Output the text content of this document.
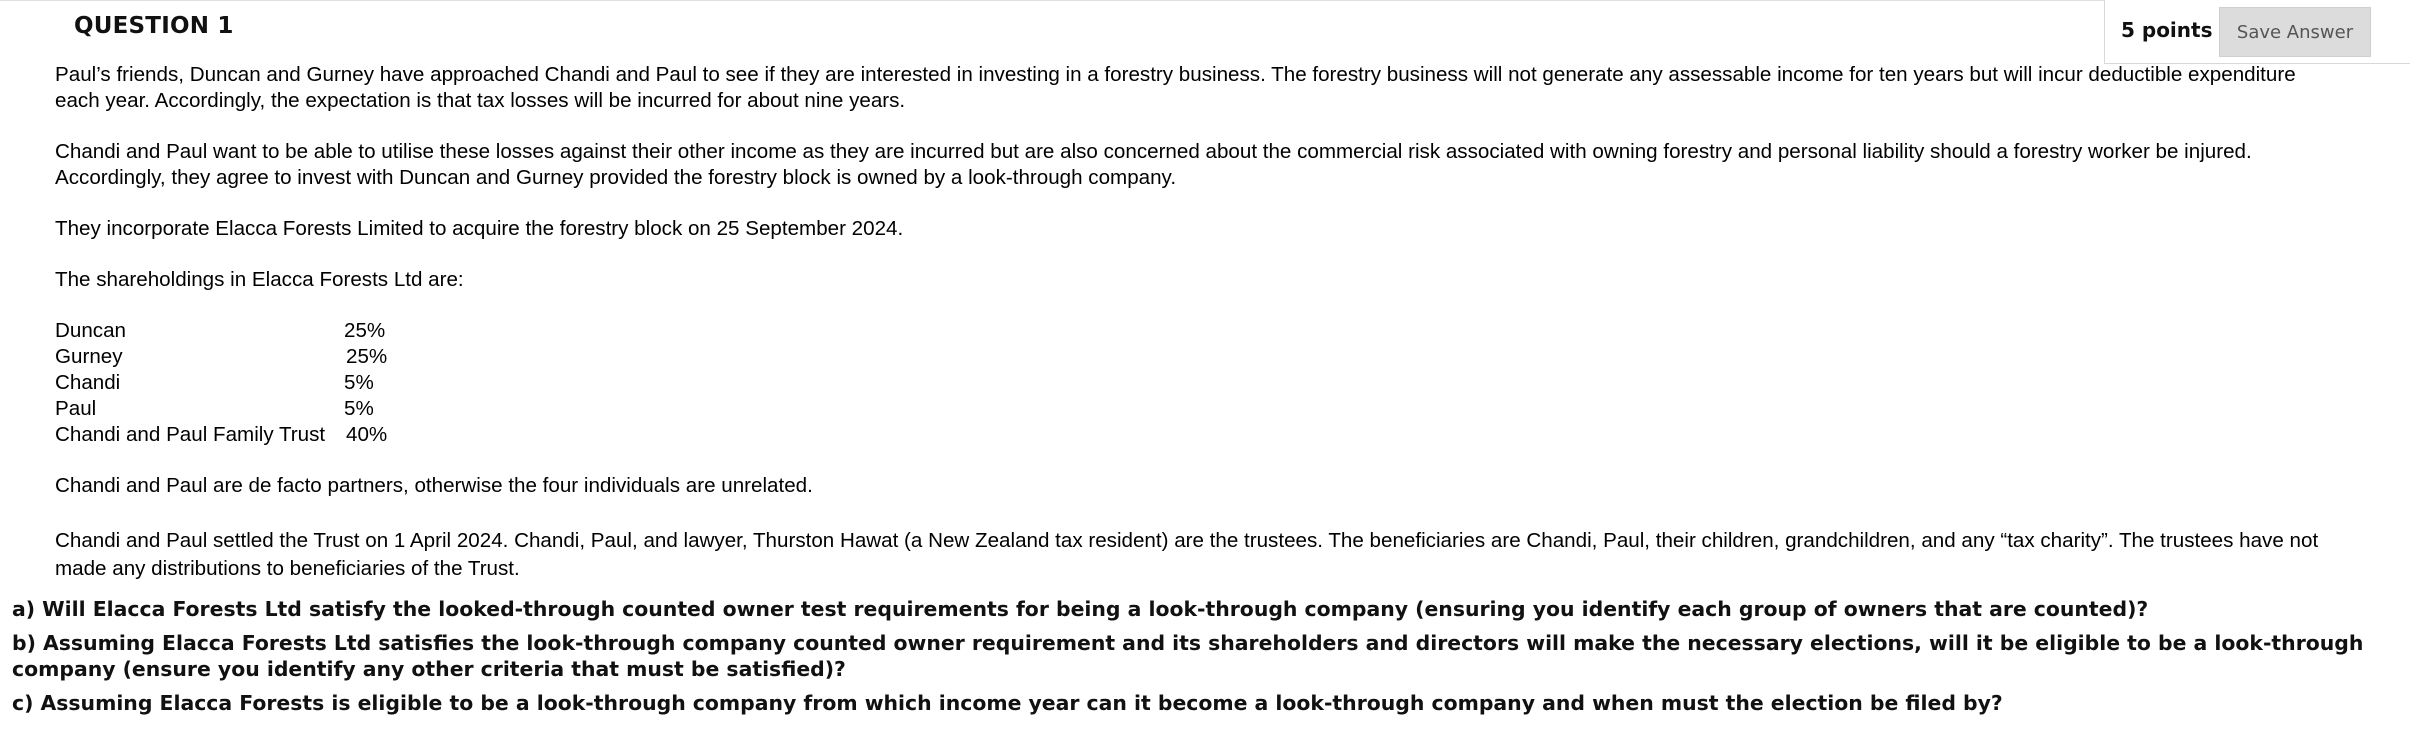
QUESTION 1	5 points	Save Answer

Paul’s friends, Duncan and Gurney have approached Chandi and Paul to see if they are interested in investing in a forestry business. The forestry business will not generate any assessable income for ten years but will incur deductible expenditure each year. Accordingly, the expectation is that tax losses will be incurred for about nine years.

Chandi and Paul want to be able to utilise these losses against their other income as they are incurred but are also concerned about the commercial risk associated with owning forestry and personal liability should a forestry worker be injured. Accordingly, they agree to invest with Duncan and Gurney provided the forestry block is owned by a look-through company.

They incorporate Elacca Forests Limited to acquire the forestry block on 25 September 2024.

The shareholdings in Elacca Forests Ltd are:

Duncan	25%
Gurney	25%
Chandi	5%
Paul	5%
Chandi and Paul Family Trust	40%

Chandi and Paul are de facto partners, otherwise the four individuals are unrelated.

Chandi and Paul settled the Trust on 1 April 2024. Chandi, Paul, and lawyer, Thurston Hawat (a New Zealand tax resident) are the trustees. The beneficiaries are Chandi, Paul, their children, grandchildren, and any “tax charity”. The trustees have not made any distributions to beneficiaries of the Trust.

a) Will Elacca Forests Ltd satisfy the looked-through counted owner test requirements for being a look-through company (ensuring you identify each group of owners that are counted)?

b) Assuming Elacca Forests Ltd satisfies the look-through company counted owner requirement and its shareholders and directors will make the necessary elections, will it be eligible to be a look-through company (ensure you identify any other criteria that must be satisfied)?

c) Assuming Elacca Forests is eligible to be a look-through company from which income year can it become a look-through company and when must the election be filed by?
